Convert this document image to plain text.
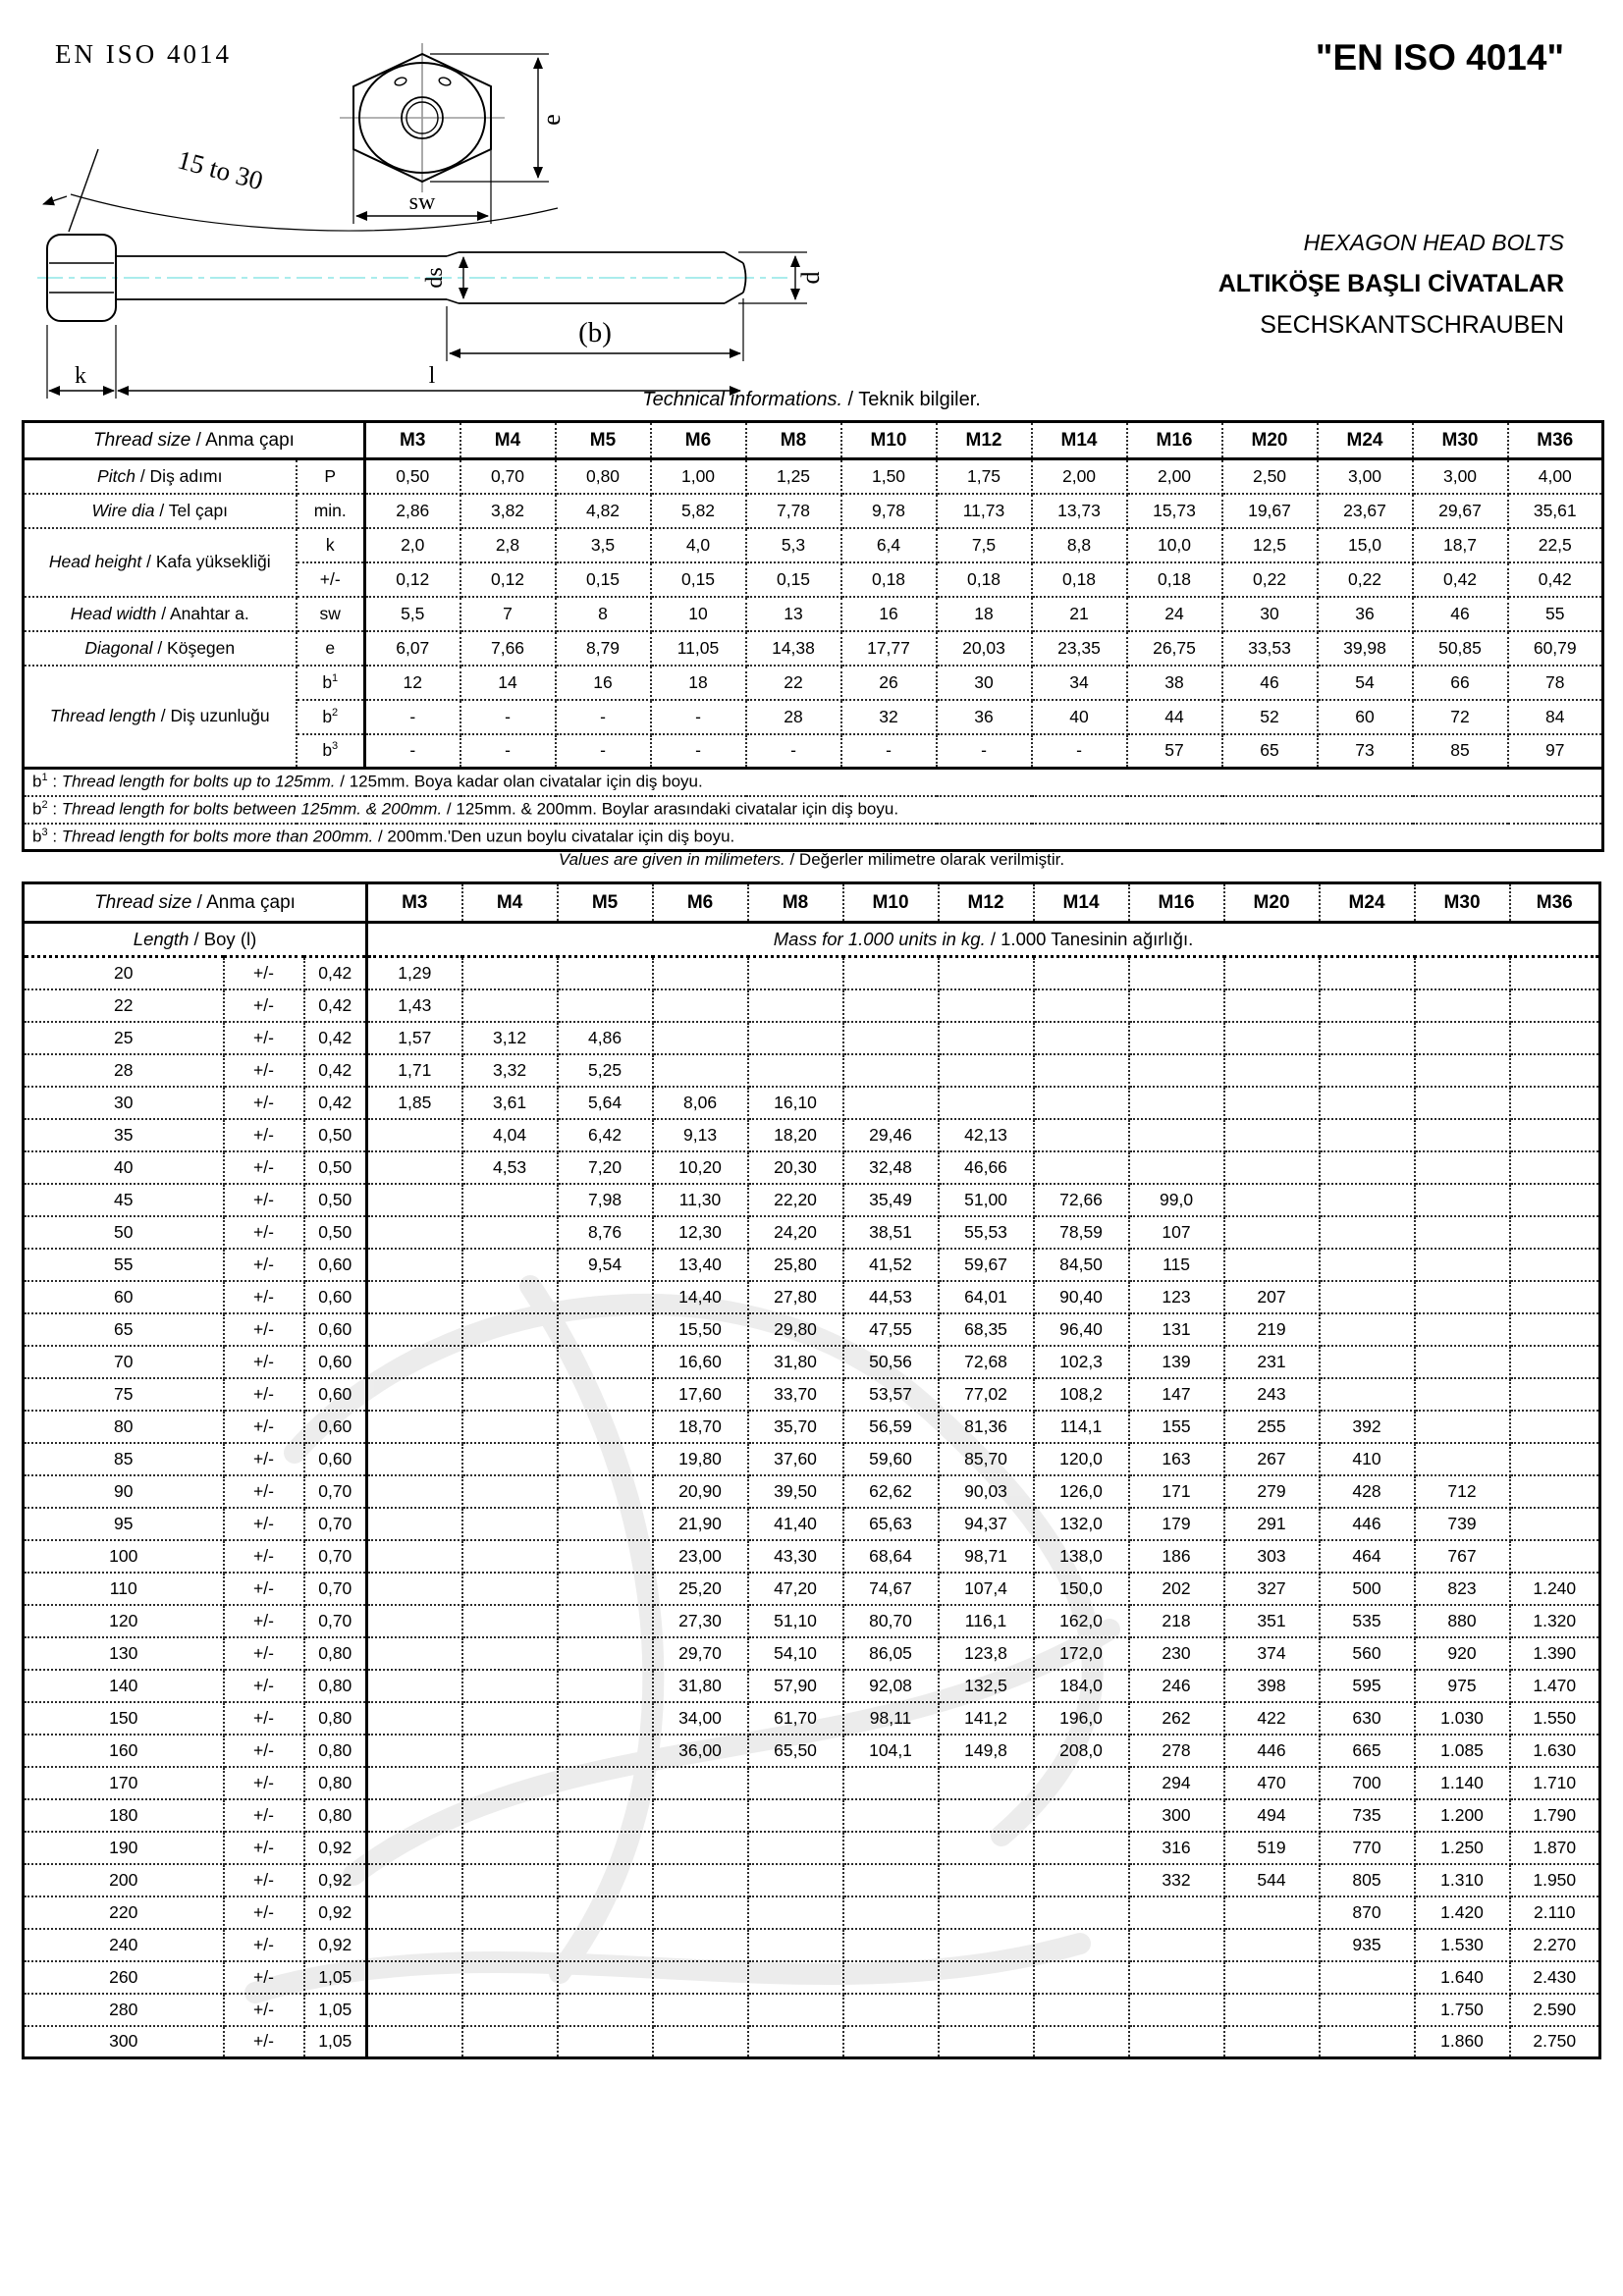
EN ISO 4014
e
sw
15 to 30
ds	d
(b)
k	l
"EN ISO 4014"
HEXAGON HEAD BOLTS
ALTIKÖŞE BAŞLI CİVATALAR
SECHSKANTSCHRAUBEN
Technical informations. / Teknik bilgiler.
Thread size / Anma çapı		M3	M4	M5	M6	M8	M10	M12	M14	M16	M20	M24	M30	M36
Pitch / Diş adımı	P	0,50	0,70	0,80	1,00	1,25	1,50	1,75	2,00	2,00	2,50	3,00	3,00	4,00
Wire dia / Tel çapı	min.	2,86	3,82	4,82	5,82	7,78	9,78	11,73	13,73	15,73	19,67	23,67	29,67	35,61
Head height / Kafa yüksekliği	k	2,0	2,8	3,5	4,0	5,3	6,4	7,5	8,8	10,0	12,5	15,0	18,7	22,5
	+/-	0,12	0,12	0,15	0,15	0,15	0,18	0,18	0,18	0,18	0,22	0,22	0,42	0,42
Head width / Anahtar a.	sw	5,5	7	8	10	13	16	18	21	24	30	36	46	55
Diagonal / Köşegen	e	6,07	7,66	8,79	11,05	14,38	17,77	20,03	23,35	26,75	33,53	39,98	50,85	60,79
Thread length / Diş uzunluğu	$b^1$	12	14	16	18	22	26	30	34	38	46	54	66	78
	$b^2$	-	-	-	-	28	32	36	40	44	52	60	72	84
	$b^3$	-	-	-	-	-	-	-	-	57	65	73	85	97
$b^1$ : Thread length for bolts up to 125mm. / 125mm. Boya kadar olan civatalar için diş boyu.														
$b^2$ : Thread length for bolts between 125mm. & 200mm. / 125mm. & 200mm. Boylar arasındaki civatalar için diş boyu.														
$b^3$ : Thread length for bolts more than 200mm. / 200mm.'Den uzun boylu civatalar için diş boyu.														
Values are given in milimeters. / Değerler milimetre olarak verilmiştir.
Thread size / Anma çapı			M3	M4	M5	M6	M8	M10	M12	M14	M16	M20	M24	M30	M36
Length / Boy (l)			Mass for 1.000 units in kg. / 1.000 Tanesinin ağırlığı.												
20	+/-	0,42	1,29												
22	+/-	0,42	1,43												
25	+/-	0,42	1,57	3,12	4,86										
28	+/-	0,42	1,71	3,32	5,25										
30	+/-	0,42	1,85	3,61	5,64	8,06	16,10								
35	+/-	0,50		4,04	6,42	9,13	18,20	29,46	42,13						
40	+/-	0,50		4,53	7,20	10,20	20,30	32,48	46,66						
45	+/-	0,50			7,98	11,30	22,20	35,49	51,00	72,66	99,0				
50	+/-	0,50			8,76	12,30	24,20	38,51	55,53	78,59	107				
55	+/-	0,60			9,54	13,40	25,80	41,52	59,67	84,50	115				
60	+/-	0,60				14,40	27,80	44,53	64,01	90,40	123	207			
65	+/-	0,60				15,50	29,80	47,55	68,35	96,40	131	219			
70	+/-	0,60				16,60	31,80	50,56	72,68	102,3	139	231			
75	+/-	0,60				17,60	33,70	53,57	77,02	108,2	147	243			
80	+/-	0,60				18,70	35,70	56,59	81,36	114,1	155	255	392		
85	+/-	0,60				19,80	37,60	59,60	85,70	120,0	163	267	410		
90	+/-	0,70				20,90	39,50	62,62	90,03	126,0	171	279	428	712	
95	+/-	0,70				21,90	41,40	65,63	94,37	132,0	179	291	446	739	
100	+/-	0,70				23,00	43,30	68,64	98,71	138,0	186	303	464	767	
110	+/-	0,70				25,20	47,20	74,67	107,4	150,0	202	327	500	823	1.240
120	+/-	0,70				27,30	51,10	80,70	116,1	162,0	218	351	535	880	1.320
130	+/-	0,80				29,70	54,10	86,05	123,8	172,0	230	374	560	920	1.390
140	+/-	0,80				31,80	57,90	92,08	132,5	184,0	246	398	595	975	1.470
150	+/-	0,80				34,00	61,70	98,11	141,2	196,0	262	422	630	1.030	1.550
160	+/-	0,80				36,00	65,50	104,1	149,8	208,0	278	446	665	1.085	1.630
170	+/-	0,80									294	470	700	1.140	1.710
180	+/-	0,80									300	494	735	1.200	1.790
190	+/-	0,92									316	519	770	1.250	1.870
200	+/-	0,92									332	544	805	1.310	1.950
220	+/-	0,92											870	1.420	2.110
240	+/-	0,92											935	1.530	2.270
260	+/-	1,05												1.640	2.430
280	+/-	1,05												1.750	2.590
300	+/-	1,05												1.860	2.750
